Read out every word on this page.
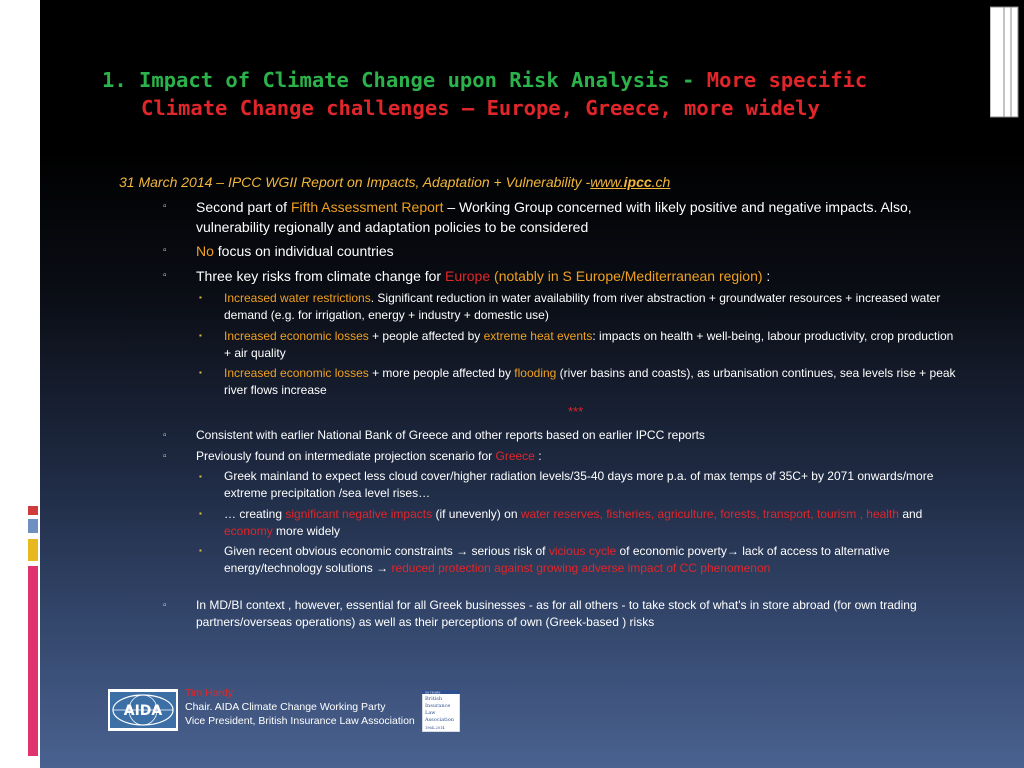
1. Impact of Climate Change upon Risk Analysis - More specific
Climate Change challenges – Europe, Greece, more widely
31 March 2014 – IPCC WGII Report on Impacts, Adaptation + Vulnerability -www.ipcc.ch
▫ Second part of Fifth Assessment Report – Working Group concerned with likely positive and negative impacts. Also, vulnerability regionally and adaptation policies to be considered
▫ No focus on individual countries
▫ Three key risks from climate change for Europe (notably in S Europe/Mediterranean region) :
▪ Increased water restrictions. Significant reduction in water availability from river abstraction + groundwater resources + increased water demand (e.g. for irrigation, energy + industry + domestic use)
▪ Increased economic losses + people affected by extreme heat events: impacts on health + well-being, labour productivity, crop production + air quality
▪ Increased economic losses + more people affected by flooding (river basins and coasts), as urbanisation continues, sea levels rise + peak river flows increase
***
▫ Consistent with earlier National Bank of Greece and other reports based on earlier IPCC reports
▫ Previously found on intermediate projection scenario for Greece :
▪ Greek mainland to expect less cloud cover/higher radiation levels/35-40 days more p.a. of max temps of 35C+ by 2071 onwards/more extreme precipitation /sea level rises…
▪ … creating significant negative impacts (if unevenly) on water reserves, fisheries, agriculture, forests, transport, tourism , health and economy more widely
▪ Given recent obvious economic constraints → serious risk of vicious cycle of economic poverty→ lack of access to alternative energy/technology solutions → reduced protection against growing adverse impact of CC phenomenon
▫ In MD/BI context , however, essential for all Greek businesses - as for all others - to take stock of what's in store abroad (for own trading partners/overseas operations) as well as their perceptions of own (Greek-based ) risks
AIDA
Tim Hardy
Chair. AIDA Climate Change Working Party
Vice President, British Insurance Law Association
British
Insurance
Law
Association
1964–2014
50 YEARS
